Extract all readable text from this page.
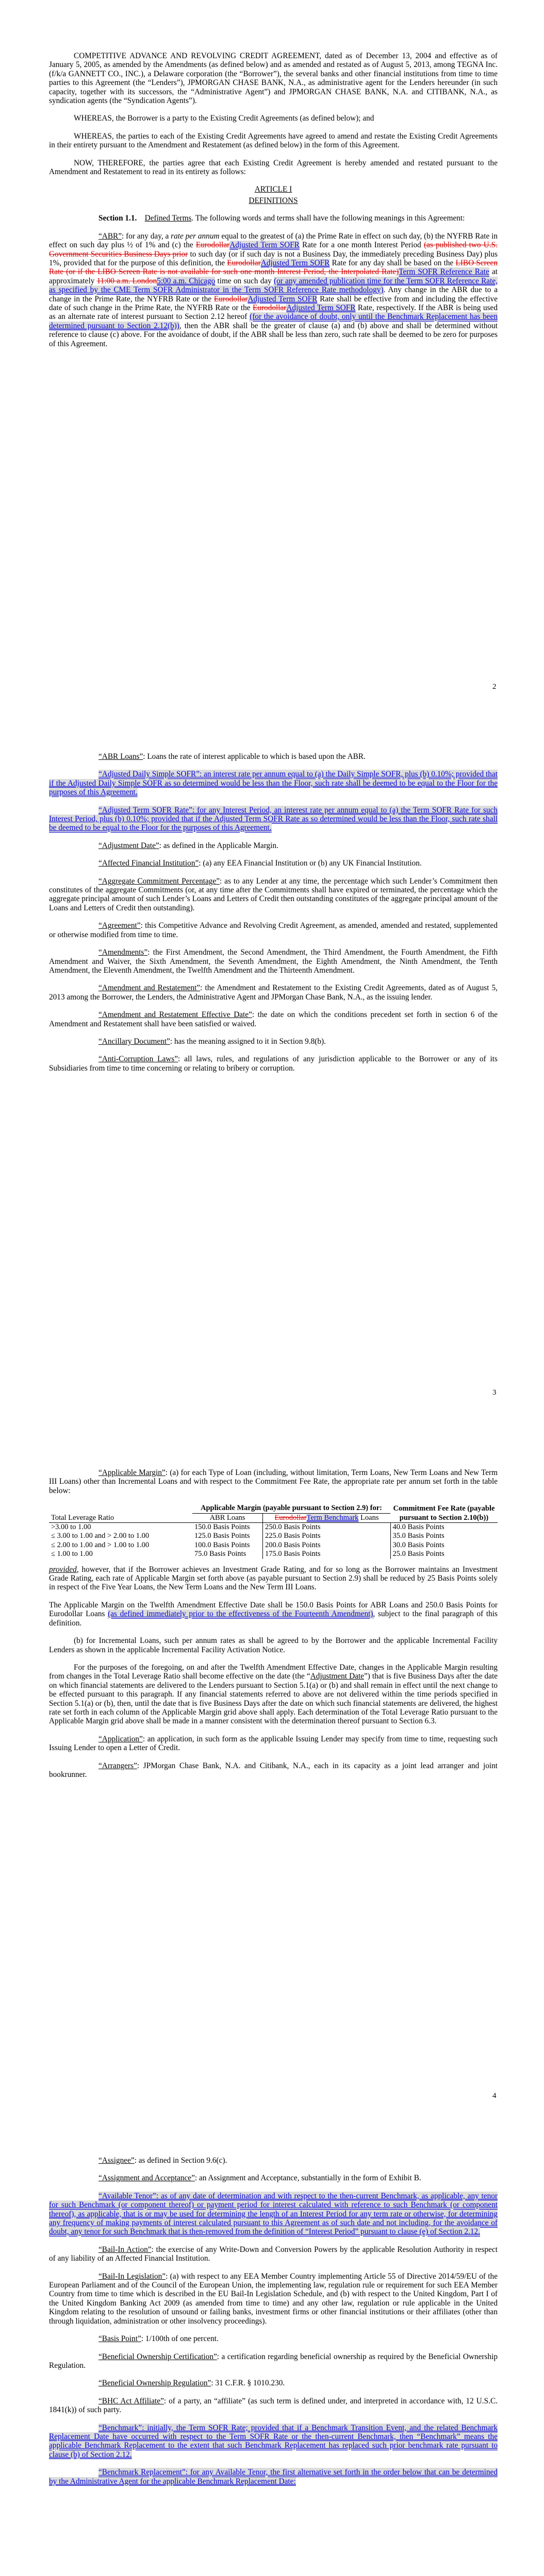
COMPETITIVE ADVANCE AND REVOLVING CREDIT AGREEMENT, dated as of December 13, 2004 and effective as of January 5, 2005, as amended by the Amendments (as defined below) and as amended and restated as of August 5, 2013, among TEGNA Inc. (f/k/a GANNETT CO., INC.), a Delaware corporation (the “Borrower”), the several banks and other financial institutions from time to time parties to this Agreement (the “Lenders”), JPMORGAN CHASE BANK, N.A., as administrative agent for the Lenders hereunder (in such capacity, together with its successors, the “Administrative Agent”) and JPMORGAN CHASE BANK, N.A. and CITIBANK, N.A., as syndication agents (the “Syndication Agents”).

WHEREAS, the Borrower is a party to the Existing Credit Agreements (as defined below); and

WHEREAS, the parties to each of the Existing Credit Agreements have agreed to amend and restate the Existing Credit Agreements in their entirety pursuant to the Amendment and Restatement (as defined below) in the form of this Agreement.

NOW, THEREFORE, the parties agree that each Existing Credit Agreement is hereby amended and restated pursuant to the Amendment and Restatement to read in its entirety as follows:

ARTICLE I

DEFINITIONS

Section 1.1. Defined Terms. The following words and terms shall have the following meanings in this Agreement:

“ABR”: for any day, a rate per annum equal to the greatest of (a) the Prime Rate in effect on such day, (b) the NYFRB Rate in effect on such day plus ½ of 1% and (c) the EurodollarAdjusted Term SOFR Rate for a one month Interest Period (as published two U.S. Government Securities Business Days prior to such day (or if such day is not a Business Day, the immediately preceding Business Day) plus 1%, provided that for the purpose of this definition, the EurodollarAdjusted Term SOFR Rate for any day shall be based on the LIBO Screen Rate (or if the LIBO Screen Rate is not available for such one month Interest Period, the Interpolated Rate)Term SOFR Reference Rate at approximately 11:00 a.m. London5:00 a.m. Chicago time on such day (or any amended publication time for the Term SOFR Reference Rate, as specified by the CME Term SOFR Administrator in the Term SOFR Reference Rate methodology). Any change in the ABR due to a change in the Prime Rate, the NYFRB Rate or the EurodollarAdjusted Term SOFR Rate shall be effective from and including the effective date of such change in the Prime Rate, the NYFRB Rate or the EurodollarAdjusted Term SOFR Rate, respectively. If the ABR is being used as an alternate rate of interest pursuant to Section 2.12 hereof (for the avoidance of doubt, only until the Benchmark Replacement has been determined pursuant to Section 2.12(b)), then the ABR shall be the greater of clause (a) and (b) above and shall be determined without reference to clause (c) above. For the avoidance of doubt, if the ABR shall be less than zero, such rate shall be deemed to be zero for purposes of this Agreement.

2

“ABR Loans”: Loans the rate of interest applicable to which is based upon the ABR.

“Adjusted Daily Simple SOFR”: an interest rate per annum equal to (a) the Daily Simple SOFR, plus (b) 0.10%; provided that if the Adjusted Daily Simple SOFR as so determined would be less than the Floor, such rate shall be deemed to be equal to the Floor for the purposes of this Agreement.

“Adjusted Term SOFR Rate”: for any Interest Period, an interest rate per annum equal to (a) the Term SOFR Rate for such Interest Period, plus (b) 0.10%; provided that if the Adjusted Term SOFR Rate as so determined would be less than the Floor, such rate shall be deemed to be equal to the Floor for the purposes of this Agreement.

“Adjustment Date”: as defined in the Applicable Margin.

“Affected Financial Institution”: (a) any EEA Financial Institution or (b) any UK Financial Institution.

“Aggregate Commitment Percentage”: as to any Lender at any time, the percentage which such Lender’s Commitment then constitutes of the aggregate Commitments (or, at any time after the Commitments shall have expired or terminated, the percentage which the aggregate principal amount of such Lender’s Loans and Letters of Credit then outstanding constitutes of the aggregate principal amount of the Loans and Letters of Credit then outstanding).

“Agreement”: this Competitive Advance and Revolving Credit Agreement, as amended, amended and restated, supplemented or otherwise modified from time to time.

“Amendments”: the First Amendment, the Second Amendment, the Third Amendment, the Fourth Amendment, the Fifth Amendment and Waiver, the Sixth Amendment, the Seventh Amendment, the Eighth Amendment, the Ninth Amendment, the Tenth Amendment, the Eleventh Amendment, the Twelfth Amendment and the Thirteenth Amendment.

“Amendment and Restatement”: the Amendment and Restatement to the Existing Credit Agreements, dated as of August 5, 2013 among the Borrower, the Lenders, the Administrative Agent and JPMorgan Chase Bank, N.A., as the issuing lender.

“Amendment and Restatement Effective Date”: the date on which the conditions precedent set forth in section 6 of the Amendment and Restatement shall have been satisfied or waived.

“Ancillary Document”: has the meaning assigned to it in Section 9.8(b).

“Anti-Corruption Laws”: all laws, rules, and regulations of any jurisdiction applicable to the Borrower or any of its Subsidiaries from time to time concerning or relating to bribery or corruption.

3

“Applicable Margin”: (a) for each Type of Loan (including, without limitation, Term Loans, New Term Loans and New Term III Loans) other than Incremental Loans and with respect to the Commitment Fee Rate, the appropriate rate per annum set forth in the table below:

Total Leverage Ratio	Applicable Margin (payable pursuant to Section 2.9) for:		Commitment Fee Rate (payable pursuant to Section 2.10(b))
	ABR Loans	EurodollarTerm Benchmark Loans	
>3.00 to 1.00	150.0 Basis Points	250.0 Basis Points	40.0 Basis Points
≤ 3.00 to 1.00 and > 2.00 to 1.00	125.0 Basis Points	225.0 Basis Points	35.0 Basis Points
≤ 2.00 to 1.00 and > 1.00 to 1.00	100.0 Basis Points	200.0 Basis Points	30.0 Basis Points
≤ 1.00 to 1.00	75.0 Basis Points	175.0 Basis Points	25.0 Basis Points

provided, however, that if the Borrower achieves an Investment Grade Rating, and for so long as the Borrower maintains an Investment Grade Rating, each rate of Applicable Margin set forth above (as payable pursuant to Section 2.9) shall be reduced by 25 Basis Points solely in respect of the Five Year Loans, the New Term Loans and the New Term III Loans.

The Applicable Margin on the Twelfth Amendment Effective Date shall be 150.0 Basis Points for ABR Loans and 250.0 Basis Points for Eurodollar Loans (as defined immediately prior to the effectiveness of the Fourteenth Amendment), subject to the final paragraph of this definition.

(b) for Incremental Loans, such per annum rates as shall be agreed to by the Borrower and the applicable Incremental Facility Lenders as shown in the applicable Incremental Facility Activation Notice.

For the purposes of the foregoing, on and after the Twelfth Amendment Effective Date, changes in the Applicable Margin resulting from changes in the Total Leverage Ratio shall become effective on the date (the “Adjustment Date”) that is five Business Days after the date on which financial statements are delivered to the Lenders pursuant to Section 5.1(a) or (b) and shall remain in effect until the next change to be effected pursuant to this paragraph. If any financial statements referred to above are not delivered within the time periods specified in Section 5.1(a) or (b), then, until the date that is five Business Days after the date on which such financial statements are delivered, the highest rate set forth in each column of the Applicable Margin grid above shall apply. Each determination of the Total Leverage Ratio pursuant to the Applicable Margin grid above shall be made in a manner consistent with the determination thereof pursuant to Section 6.3.

“Application”: an application, in such form as the applicable Issuing Lender may specify from time to time, requesting such Issuing Lender to open a Letter of Credit.

“Arrangers”: JPMorgan Chase Bank, N.A. and Citibank, N.A., each in its capacity as a joint lead arranger and joint bookrunner.

4

“Assignee”: as defined in Section 9.6(c).

“Assignment and Acceptance”: an Assignment and Acceptance, substantially in the form of Exhibit B.

“Available Tenor”: as of any date of determination and with respect to the then-current Benchmark, as applicable, any tenor for such Benchmark (or component thereof) or payment period for interest calculated with reference to such Benchmark (or component thereof), as applicable, that is or may be used for determining the length of an Interest Period for any term rate or otherwise, for determining any frequency of making payments of interest calculated pursuant to this Agreement as of such date and not including, for the avoidance of doubt, any tenor for such Benchmark that is then-removed from the definition of “Interest Period” pursuant to clause (e) of Section 2.12.

“Bail-In Action”: the exercise of any Write-Down and Conversion Powers by the applicable Resolution Authority in respect of any liability of an Affected Financial Institution.

“Bail-In Legislation”: (a) with respect to any EEA Member Country implementing Article 55 of Directive 2014/59/EU of the European Parliament and of the Council of the European Union, the implementing law, regulation rule or requirement for such EEA Member Country from time to time which is described in the EU Bail-In Legislation Schedule, and (b) with respect to the United Kingdom, Part I of the United Kingdom Banking Act 2009 (as amended from time to time) and any other law, regulation or rule applicable in the United Kingdom relating to the resolution of unsound or failing banks, investment firms or other financial institutions or their affiliates (other than through liquidation, administration or other insolvency proceedings).

“Basis Point”: 1/100th of one percent.

“Beneficial Ownership Certification”: a certification regarding beneficial ownership as required by the Beneficial Ownership Regulation.

“Beneficial Ownership Regulation”: 31 C.F.R. § 1010.230.

“BHC Act Affiliate”: of a party, an “affiliate” (as such term is defined under, and interpreted in accordance with, 12 U.S.C. 1841(k)) of such party.

“Benchmark”: initially, the Term SOFR Rate; provided that if a Benchmark Transition Event, and the related Benchmark Replacement Date have occurred with respect to the Term SOFR Rate or the then-current Benchmark, then “Benchmark” means the applicable Benchmark Replacement to the extent that such Benchmark Replacement has replaced such prior benchmark rate pursuant to clause (b) of Section 2.12.

“Benchmark Replacement”: for any Available Tenor, the first alternative set forth in the order below that can be determined by the Administrative Agent for the applicable Benchmark Replacement Date:
